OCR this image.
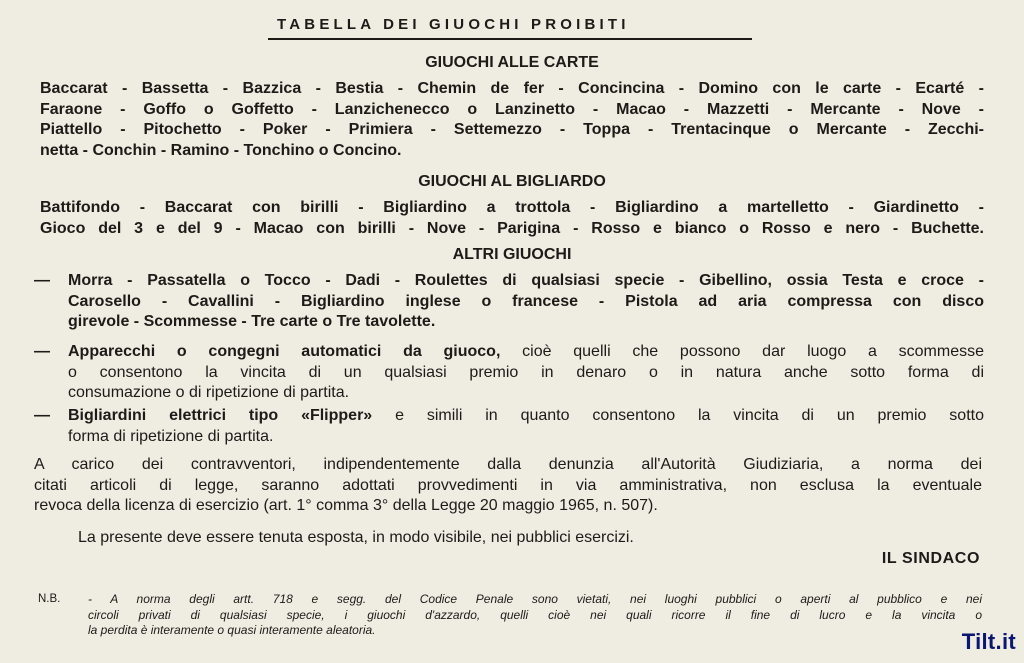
TABELLA DEI GIUOCHI PROIBITI
GIUOCHI ALLE CARTE
Baccarat - Bassetta - Bazzica - Bestia - Chemin de fer - Concincina - Domino con le carte - Ecarté -
Faraone - Goffo o Goffetto - Lanzichenecco o Lanzinetto - Macao - Mazzetti - Mercante - Nove -
Piattello - Pitochetto - Poker - Primiera - Settemezzo - Toppa - Trentacinque o Mercante - Zecchi-
netta - Conchin - Ramino - Tonchino o Concino.
GIUOCHI AL BIGLIARDO
Battifondo - Baccarat con birilli - Bigliardino a trottola - Bigliardino a martelletto - Giardinetto -
Gioco del 3 e del 9 - Macao con birilli - Nove - Parigina - Rosso e bianco o Rosso e nero - Buchette.
ALTRI GIUOCHI
— Morra - Passatella o Tocco - Dadi - Roulettes di qualsiasi specie - Gibellino, ossia Testa e croce -
Carosello - Cavallini - Bigliardino inglese o francese - Pistola ad aria compressa con disco
girevole - Scommesse - Tre carte o Tre tavolette.
— Apparecchi o congegni automatici da giuoco, cioè quelli che possono dar luogo a scommesse
o consentono la vincita di un qualsiasi premio in denaro o in natura anche sotto forma di
consumazione o di ripetizione di partita.
— Bigliardini elettrici tipo «Flipper» e simili in quanto consentono la vincita di un premio sotto
forma di ripetizione di partita.
A carico dei contravventori, indipendentemente dalla denunzia all'Autorità Giudiziaria, a norma dei
citati articoli di legge, saranno adottati provvedimenti in via amministrativa, non esclusa la eventuale
revoca della licenza di esercizio (art. 1° comma 3° della Legge 20 maggio 1965, n. 507).
La presente deve essere tenuta esposta, in modo visibile, nei pubblici esercizi.
IL SINDACO
N.B. - A norma degli artt. 718 e segg. del Codice Penale sono vietati, nei luoghi pubblici o aperti al pubblico e nei
circoli privati di qualsiasi specie, i giuochi d'azzardo, quelli cioè nei quali ricorre il fine di lucro e la vincita o
la perdita è interamente o quasi interamente aleatoria.	Tilt.it
